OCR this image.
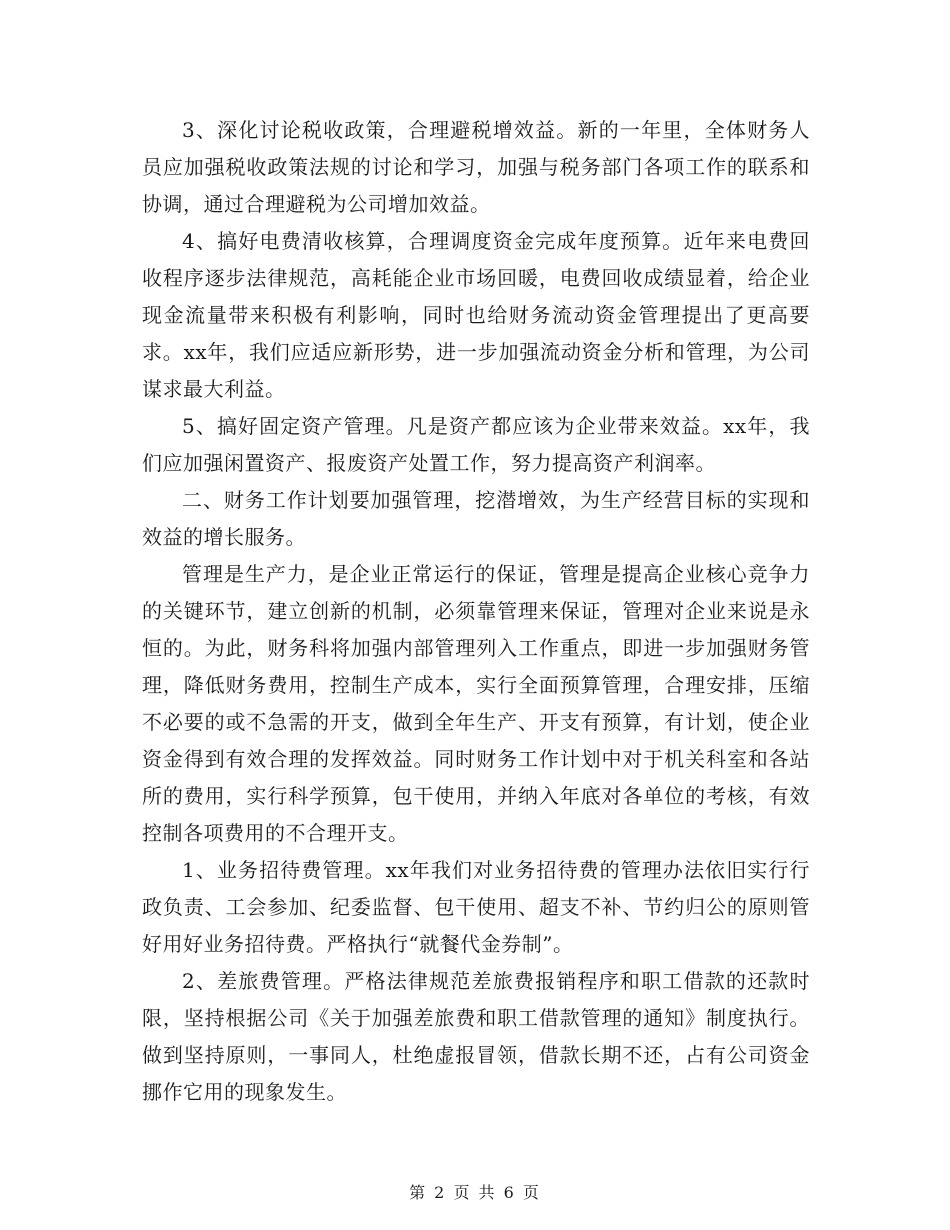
3、深化讨论税收政策，合理避税增效益。新的一年里，全体财务人员应加强税收政策法规的讨论和学习，加强与税务部门各项工作的联系和协调，通过合理避税为公司增加效益。

4、搞好电费清收核算，合理调度资金完成年度预算。近年来电费回收程序逐步法律规范，高耗能企业市场回暖，电费回收成绩显着，给企业现金流量带来积极有利影响，同时也给财务流动资金管理提出了更高要求。xx年，我们应适应新形势，进一步加强流动资金分析和管理，为公司谋求最大利益。

5、搞好固定资产管理。凡是资产都应该为企业带来效益。xx年，我们应加强闲置资产、报废资产处置工作，努力提高资产利润率。

二、财务工作计划要加强管理，挖潜增效，为生产经营目标的实现和效益的增长服务。

管理是生产力，是企业正常运行的保证，管理是提高企业核心竞争力的关键环节，建立创新的机制，必须靠管理来保证，管理对企业来说是永恒的。为此，财务科将加强内部管理列入工作重点，即进一步加强财务管理，降低财务费用，控制生产成本，实行全面预算管理，合理安排，压缩不必要的或不急需的开支，做到全年生产、开支有预算，有计划，使企业资金得到有效合理的发挥效益。同时财务工作计划中对于机关科室和各站所的费用，实行科学预算，包干使用，并纳入年底对各单位的考核，有效控制各项费用的不合理开支。

1、业务招待费管理。xx年我们对业务招待费的管理办法依旧实行行政负责、工会参加、纪委监督、包干使用、超支不补、节约归公的原则管好用好业务招待费。严格执行“就餐代金券制”。

2、差旅费管理。严格法律规范差旅费报销程序和职工借款的还款时限，坚持根据公司《关于加强差旅费和职工借款管理的通知》制度执行。做到坚持原则，一事同人，杜绝虚报冒领，借款长期不还，占有公司资金挪作它用的现象发生。

第 2 页 共 6 页
